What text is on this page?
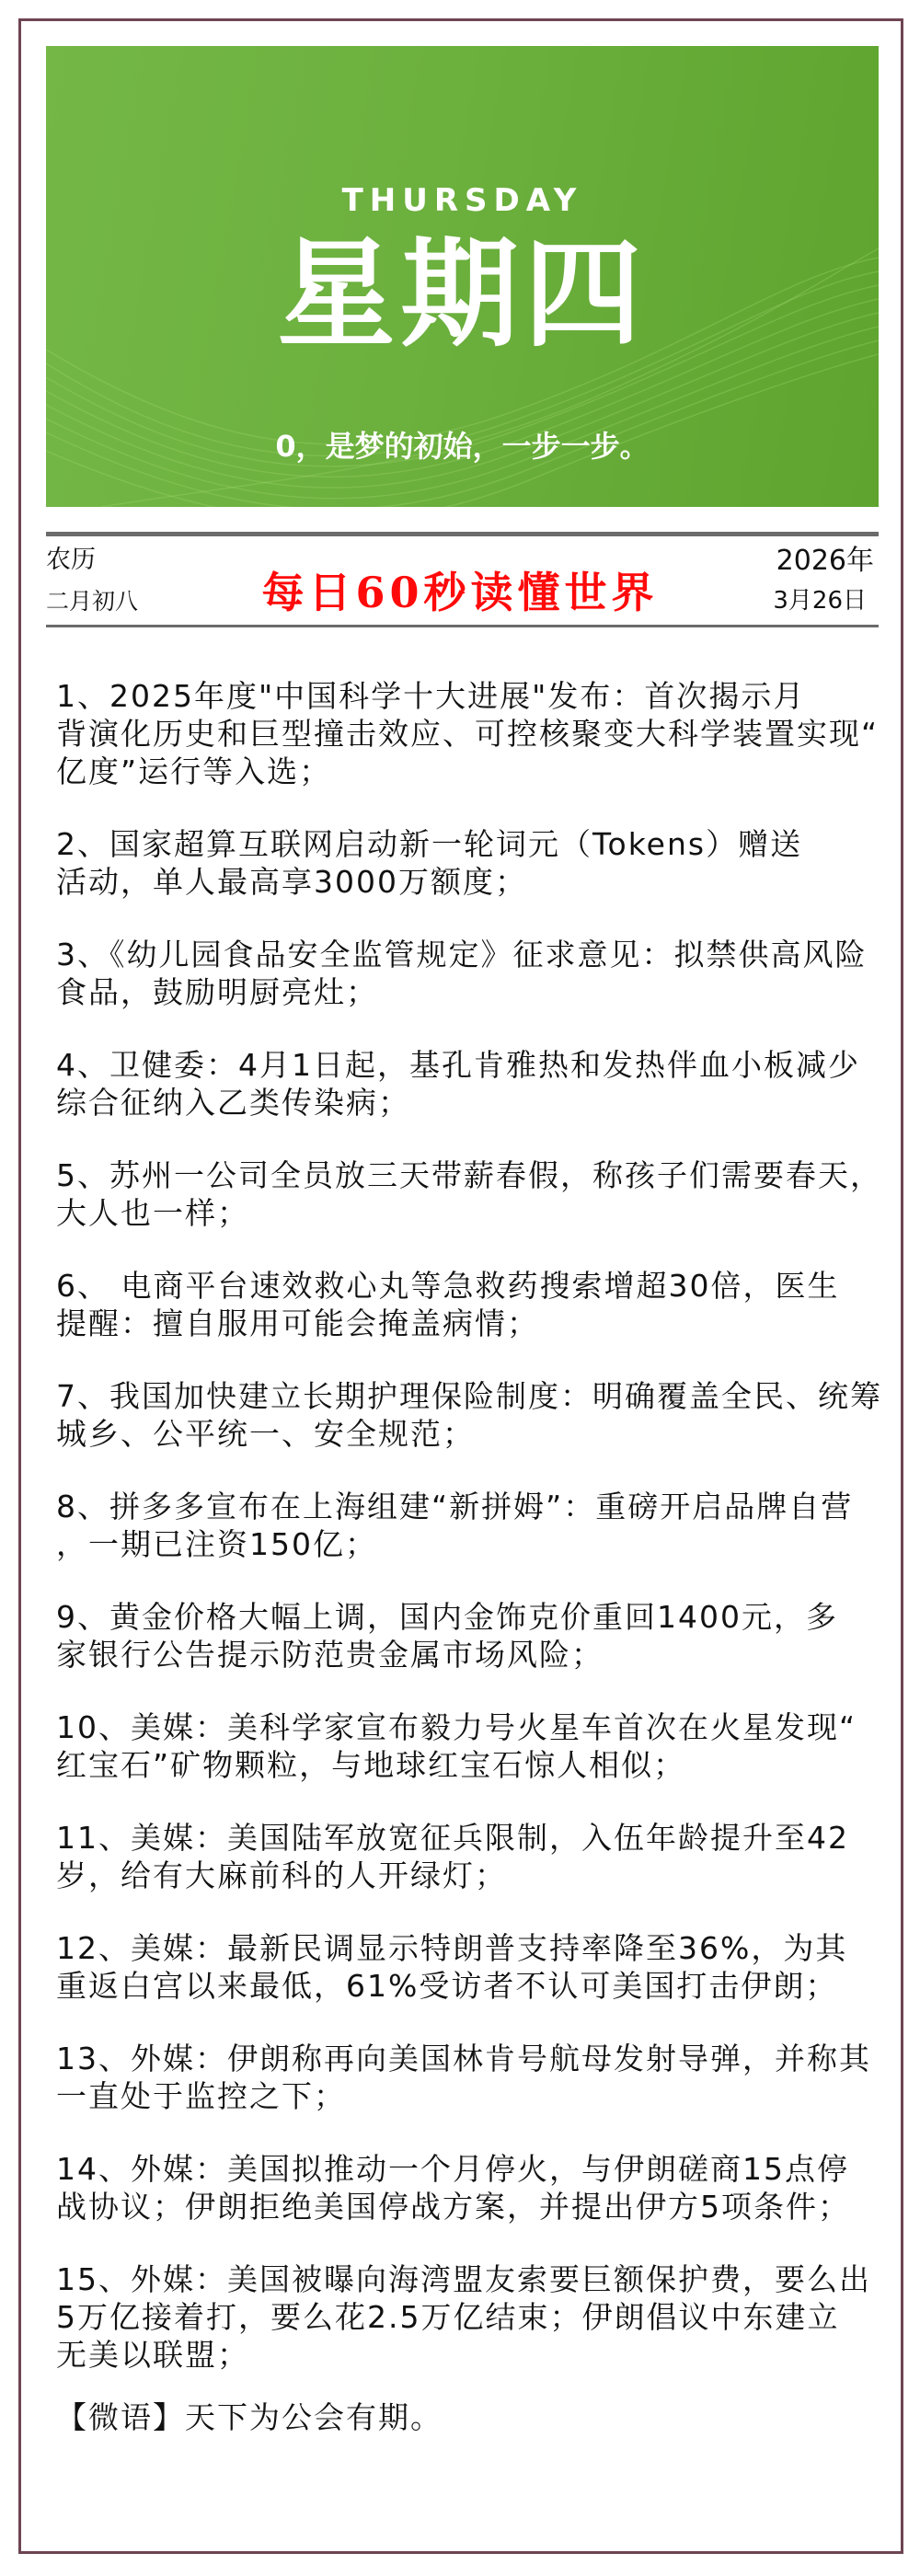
THURSDAY
星期四
0，是梦的初始，一步一步。
农历
二月初八	每日60秒读懂世界
2026年
3月26日
1、2025年度"中国科学十大进展"发布：首次揭示月
背演化历史和巨型撞击效应、可控核聚变大科学装置实现“
亿度”运行等入选；
2、国家超算互联网启动新一轮词元（Tokens）赠送
活动，单人最高享3000万额度；
3、《幼儿园食品安全监管规定》征求意见：拟禁供高风险
食品，鼓励明厨亮灶；
4、卫健委：4月1日起，基孔肯雅热和发热伴血小板减少
综合征纳入乙类传染病；
5、苏州一公司全员放三天带薪春假，称孩子们需要春天，
大人也一样；
6、 电商平台速效救心丸等急救药搜索增超30倍，医生
提醒：擅自服用可能会掩盖病情；
7、我国加快建立长期护理保险制度：明确覆盖全民、统筹
城乡、公平统一、安全规范；
8、拼多多宣布在上海组建“新拼姆”：重磅开启品牌自营
，一期已注资150亿；
9、黄金价格大幅上调，国内金饰克价重回1400元，多
家银行公告提示防范贵金属市场风险；
10、美媒：美科学家宣布毅力号火星车首次在火星发现“
红宝石”矿物颗粒，与地球红宝石惊人相似；
11、美媒：美国陆军放宽征兵限制，入伍年龄提升至42
岁，给有大麻前科的人开绿灯；
12、美媒：最新民调显示特朗普支持率降至36%，为其
重返白宫以来最低，61%受访者不认可美国打击伊朗；
13、外媒：伊朗称再向美国林肯号航母发射导弹，并称其
一直处于监控之下；
14、外媒：美国拟推动一个月停火，与伊朗磋商15点停
战协议；伊朗拒绝美国停战方案，并提出伊方5项条件；
15、外媒：美国被曝向海湾盟友索要巨额保护费，要么出
5万亿接着打，要么花2.5万亿结束；伊朗倡议中东建立
无美以联盟；
【微语】天下为公会有期。
